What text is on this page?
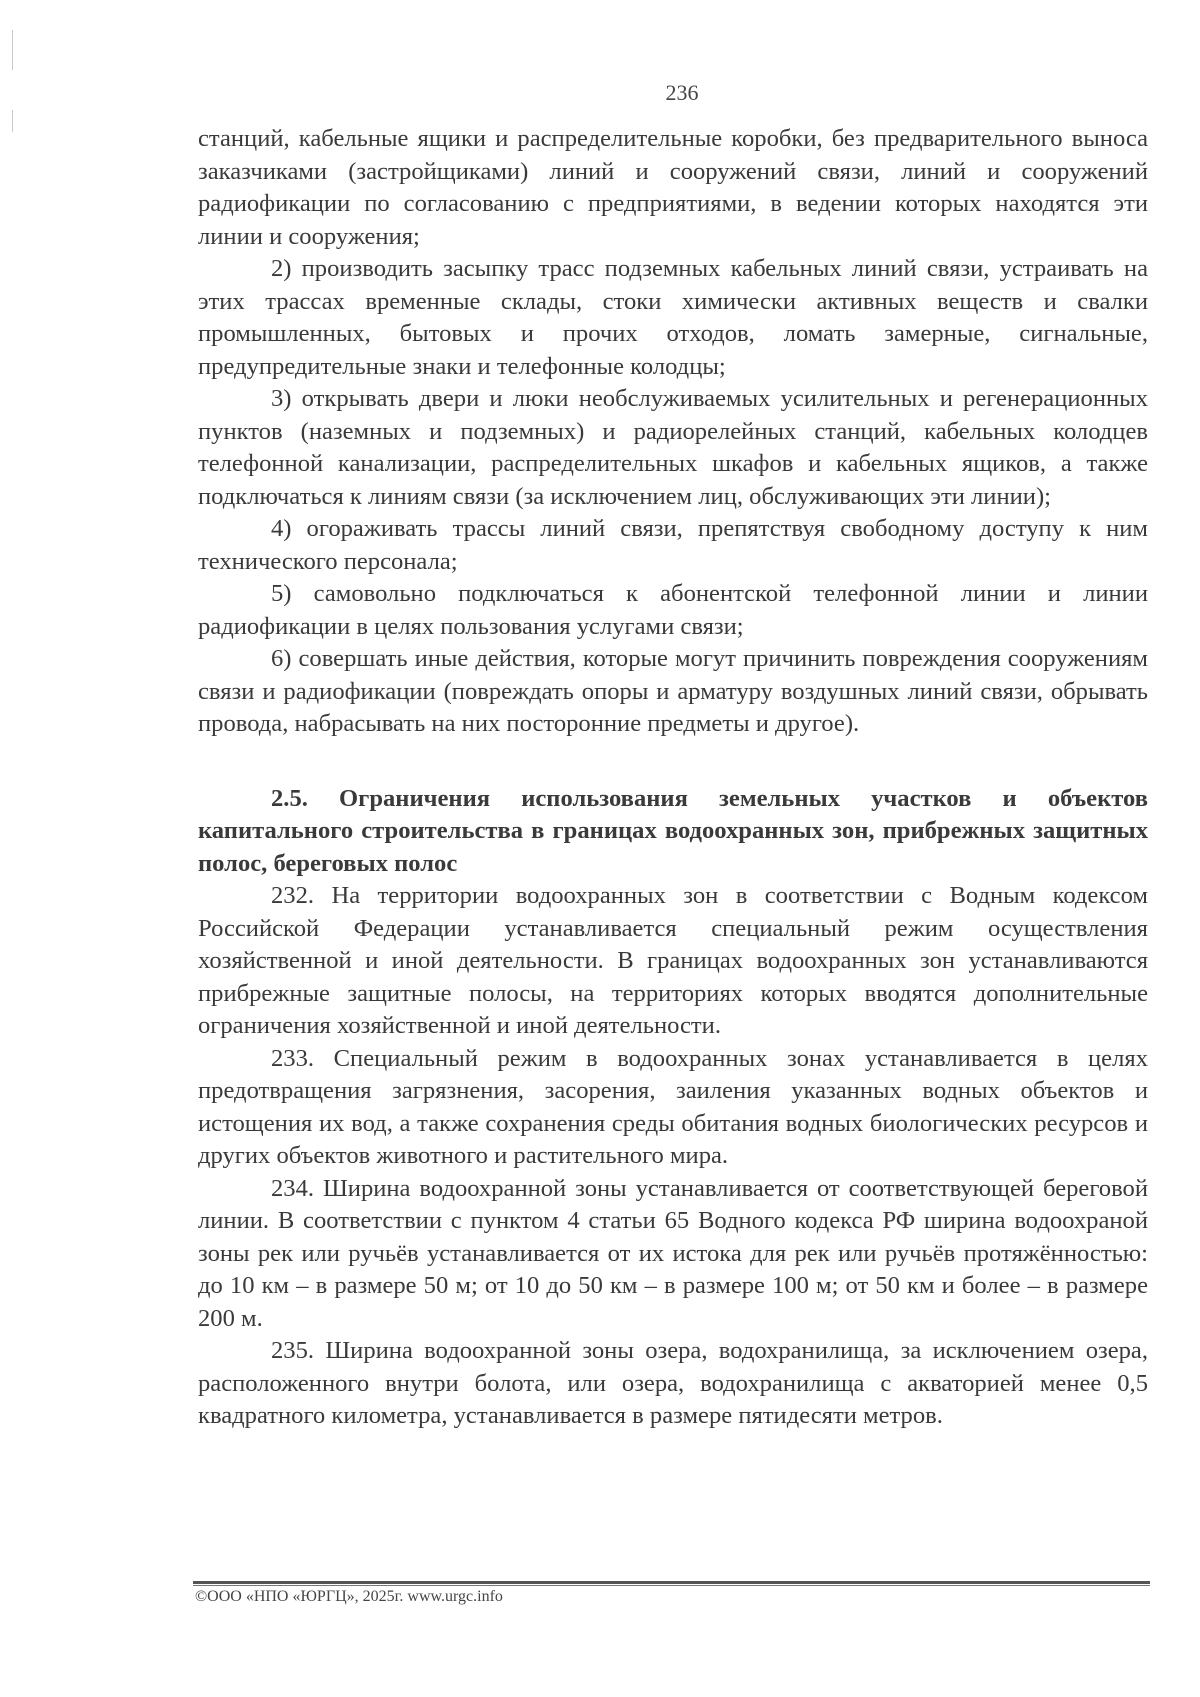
236

станций, кабельные ящики и распределительные коробки, без предварительного выноса заказчиками (застройщиками) линий и сооружений связи, линий и сооружений радиофикации по согласованию с предприятиями, в ведении которых находятся эти линии и сооружения;

2) производить засыпку трасс подземных кабельных линий связи, устраивать на этих трассах временные склады, стоки химически активных веществ и свалки промышленных, бытовых и прочих отходов, ломать замерные, сигнальные, предупредительные знаки и телефонные колодцы;

3) открывать двери и люки необслуживаемых усилительных и регенерационных пунктов (наземных и подземных) и радиорелейных станций, кабельных колодцев телефонной канализации, распределительных шкафов и кабельных ящиков, а также подключаться к линиям связи (за исключением лиц, обслуживающих эти линии);

4) огораживать трассы линий связи, препятствуя свободному доступу к ним технического персонала;

5) самовольно подключаться к абонентской телефонной линии и линии радиофикации в целях пользования услугами связи;

6) совершать иные действия, которые могут причинить повреждения сооружениям связи и радиофикации (повреждать опоры и арматуру воздушных линий связи, обрывать провода, набрасывать на них посторонние предметы и другое).

2.5. Ограничения использования земельных участков и объектов капитального строительства в границах водоохранных зон, прибрежных защитных полос, береговых полос

232. На территории водоохранных зон в соответствии с Водным кодексом Российской Федерации устанавливается специальный режим осуществления хозяйственной и иной деятельности. В границах водоохранных зон устанавливаются прибрежные защитные полосы, на территориях которых вводятся дополнительные ограничения хозяйственной и иной деятельности.

233. Специальный режим в водоохранных зонах устанавливается в целях предотвращения загрязнения, засорения, заиления указанных водных объектов и истощения их вод, а также сохранения среды обитания водных биологических ресурсов и других объектов животного и растительного мира.

234. Ширина водоохранной зоны устанавливается от соответствующей береговой линии. В соответствии с пунктом 4 статьи 65 Водного кодекса РФ ширина водоохраной зоны рек или ручьёв устанавливается от их истока для рек или ручьёв протяжённостью: до 10 км – в размере 50 м; от 10 до 50 км – в размере 100 м; от 50 км и более – в размере 200 м.

235. Ширина водоохранной зоны озера, водохранилища, за исключением озера, расположенного внутри болота, или озера, водохранилища с акваторией менее 0,5 квадратного километра, устанавливается в размере пятидесяти метров.

©ООО «НПО «ЮРГЦ», 2025г. www.urgc.info
